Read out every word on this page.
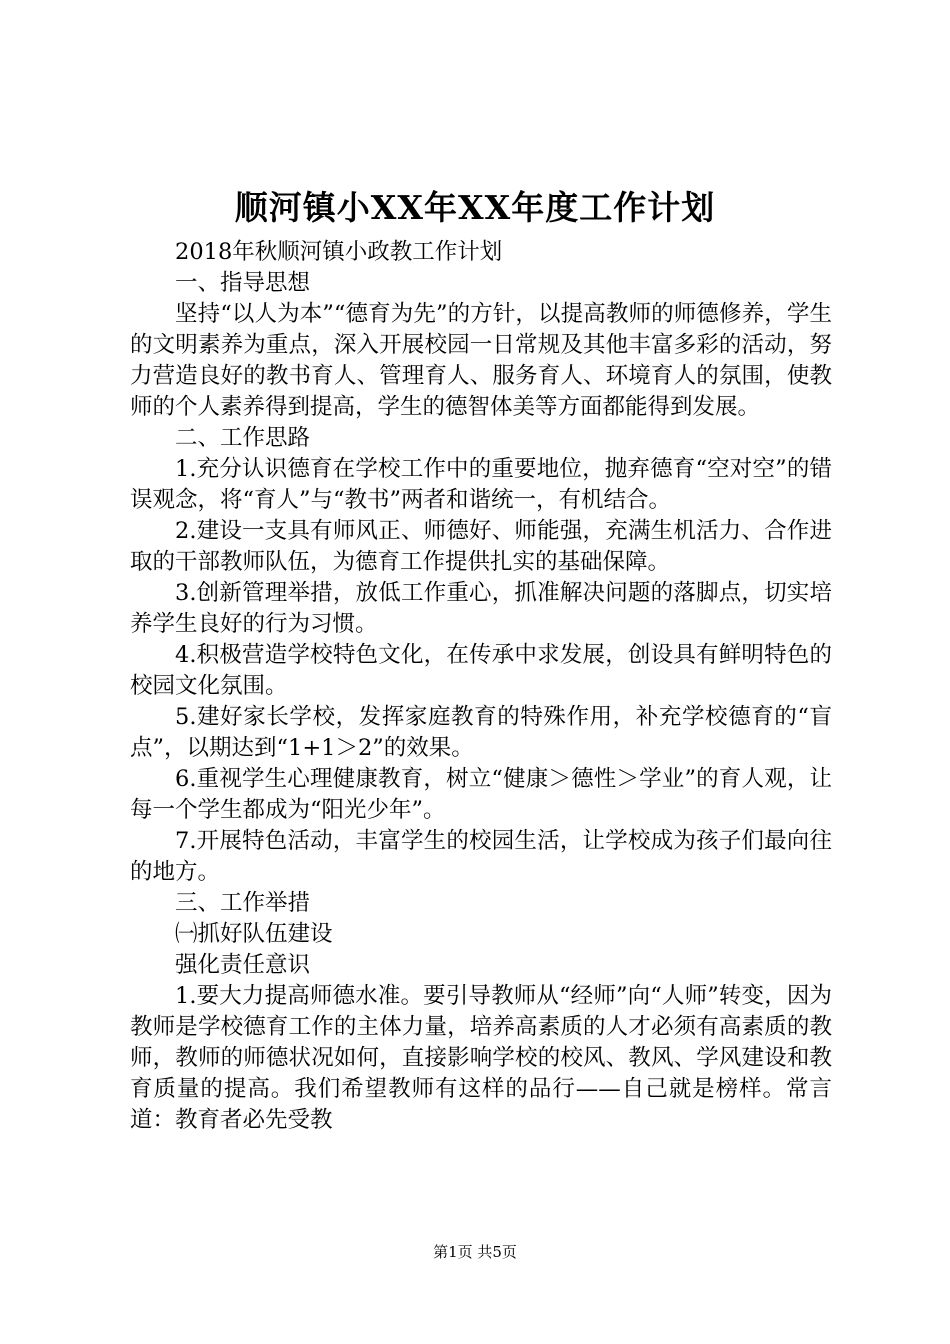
顺河镇小XX年XX年度工作计划

2018年秋顺河镇小政教工作计划

一、指导思想

坚持“以人为本”“德育为先”的方针，以提高教师的师德修养，学生的文明素养为重点，深入开展校园一日常规及其他丰富多彩的活动，努力营造良好的教书育人、管理育人、服务育人、环境育人的氛围，使教师的个人素养得到提高，学生的德智体美等方面都能得到发展。

二、工作思路

1.充分认识德育在学校工作中的重要地位，抛弃德育“空对空”的错误观念，将“育人”与“教书”两者和谐统一，有机结合。

2.建设一支具有师风正、师德好、师能强，充满生机活力、合作进取的干部教师队伍，为德育工作提供扎实的基础保障。

3.创新管理举措，放低工作重心，抓准解决问题的落脚点，切实培养学生良好的行为习惯。

4.积极营造学校特色文化，在传承中求发展，创设具有鲜明特色的校园文化氛围。

5.建好家长学校，发挥家庭教育的特殊作用，补充学校德育的“盲点”，以期达到“1+1＞2”的效果。

6.重视学生心理健康教育，树立“健康＞德性＞学业”的育人观，让每一个学生都成为“阳光少年”。

7.开展特色活动，丰富学生的校园生活，让学校成为孩子们最向往的地方。

三、工作举措

㈠抓好队伍建设

强化责任意识

1.要大力提高师德水准。要引导教师从“经师”向“人师”转变，因为教师是学校德育工作的主体力量，培养高素质的人才必须有高素质的教师，教师的师德状况如何，直接影响学校的校风、教风、学风建设和教育质量的提高。我们希望教师有这样的品行——自己就是榜样。常言道：教育者必先受教

第1页 共5页
